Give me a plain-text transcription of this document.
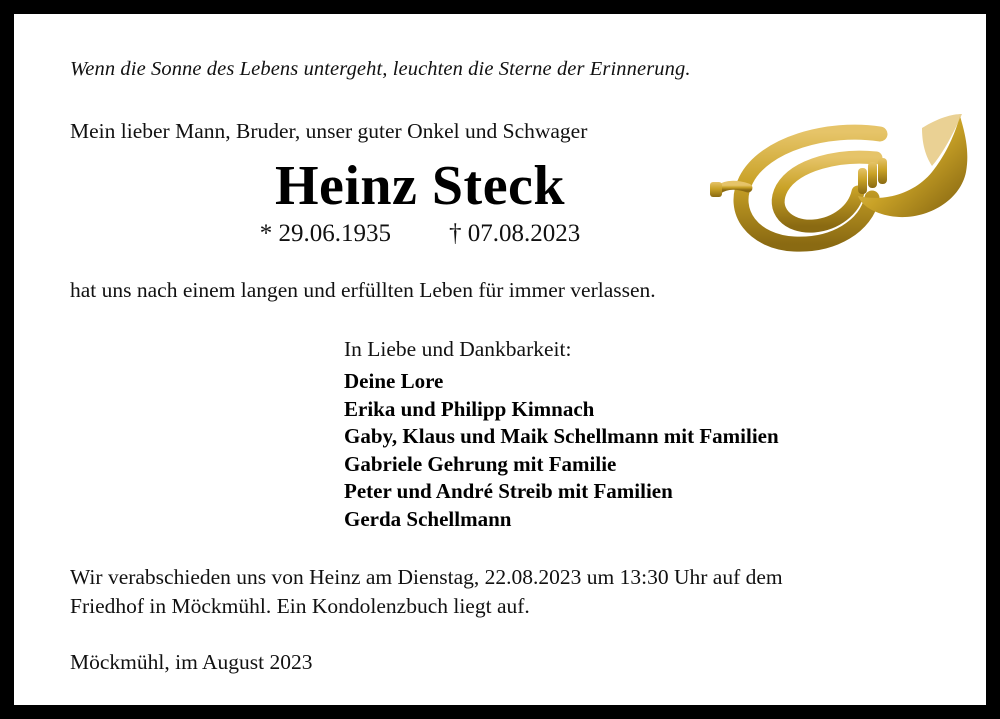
Wenn die Sonne des Lebens untergeht, leuchten die Sterne der Erinnerung.

Mein lieber Mann, Bruder, unser guter Onkel und Schwager

Heinz Steck
* 29.06.1935 † 07.08.2023

hat uns nach einem langen und erfüllten Leben für immer verlassen.

In Liebe und Dankbarkeit:
Deine Lore
Erika und Philipp Kimnach
Gaby, Klaus und Maik Schellmann mit Familien
Gabriele Gehrung mit Familie
Peter und André Streib mit Familien
Gerda Schellmann

Wir verabschieden uns von Heinz am Dienstag, 22.08.2023 um 13:30 Uhr auf dem
Friedhof in Möckmühl. Ein Kondolenzbuch liegt auf.

Möckmühl, im August 2023
